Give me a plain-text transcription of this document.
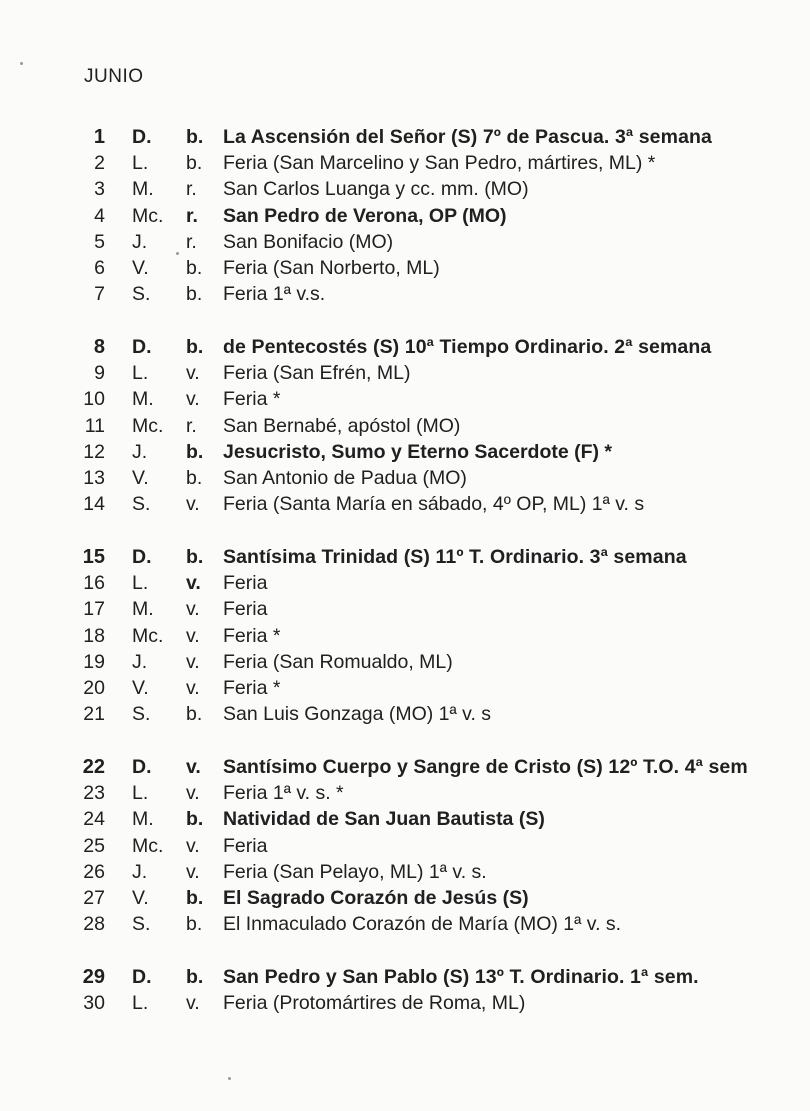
JUNIO
1 D. b. La Ascensión del Señor (S) 7º de Pascua. 3ª semana
2 L. b. Feria (San Marcelino y San Pedro, mártires, ML) *
3 M. r. San Carlos Luanga y cc. mm. (MO)
4 Mc. r. San Pedro de Verona, OP (MO)
5 J. r. San Bonifacio (MO)
6 V. b. Feria (San Norberto, ML)
7 S. b. Feria 1ª v.s.
8 D. b. de Pentecostés (S) 10ª Tiempo Ordinario. 2ª semana
9 L. v. Feria (San Efrén, ML)
10 M. v. Feria *
11 Mc. r. San Bernabé, apóstol (MO)
12 J. b. Jesucristo, Sumo y Eterno Sacerdote (F) *
13 V. b. San Antonio de Padua (MO)
14 S. v. Feria (Santa María en sábado, 4º OP, ML) 1ª v. s
15 D. b. Santísima Trinidad (S) 11º T. Ordinario. 3ª semana
16 L. v. Feria
17 M. v. Feria
18 Mc. v. Feria *
19 J. v. Feria (San Romualdo, ML)
20 V. v. Feria *
21 S. b. San Luis Gonzaga (MO) 1ª v. s
22 D. v. Santísimo Cuerpo y Sangre de Cristo (S) 12º T.O. 4ª sem
23 L. v. Feria 1ª v. s. *
24 M. b. Natividad de San Juan Bautista (S)
25 Mc. v. Feria
26 J. v. Feria (San Pelayo, ML) 1ª v. s.
27 V. b. El Sagrado Corazón de Jesús (S)
28 S. b. El Inmaculado Corazón de María (MO) 1ª v. s.
29 D. b. San Pedro y San Pablo (S) 13º T. Ordinario. 1ª sem.
30 L. v. Feria (Protomártires de Roma, ML)
